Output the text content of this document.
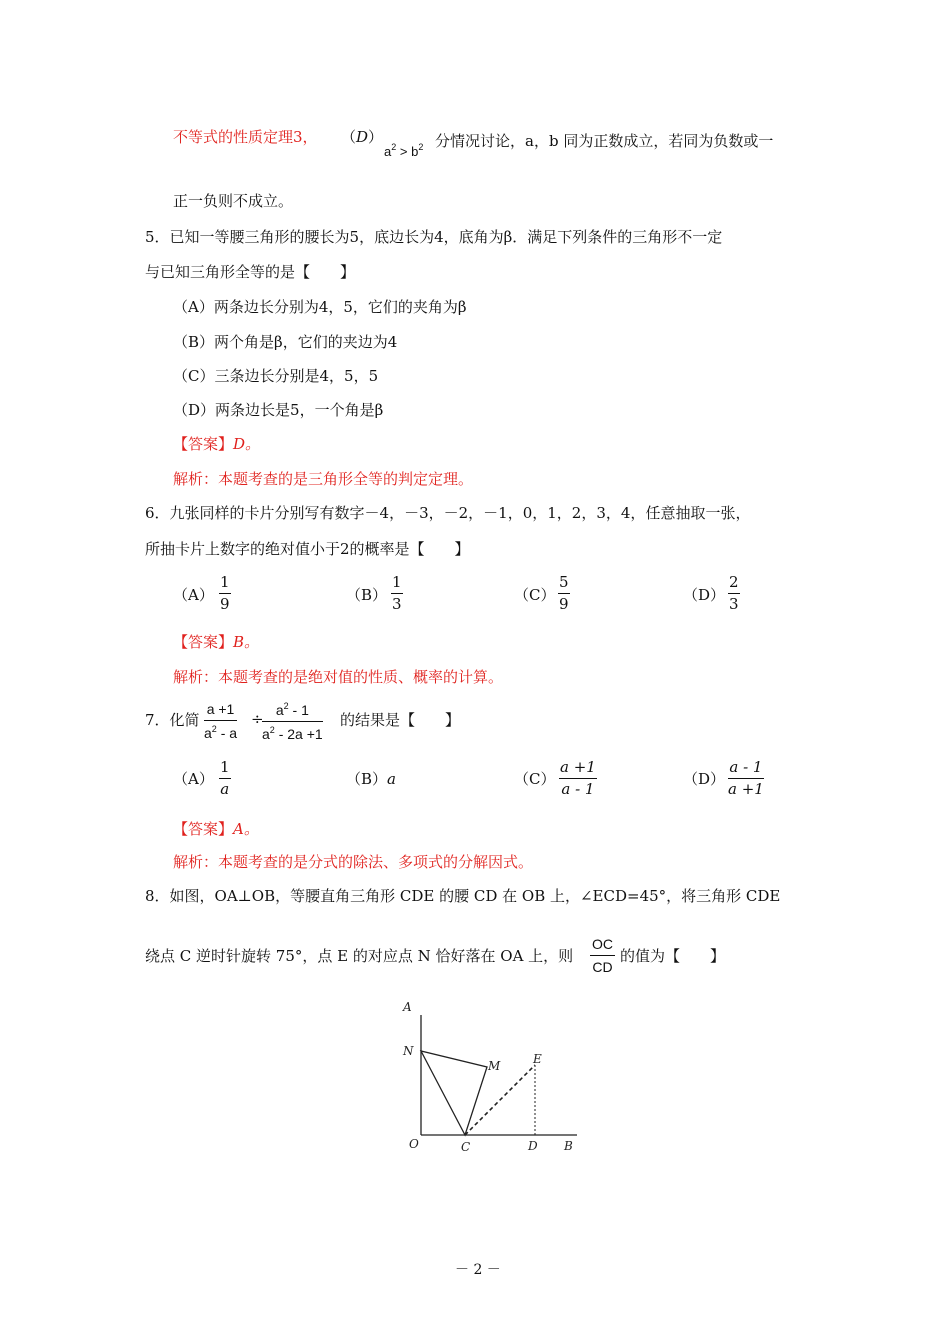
不等式的性质定理3， （D）
$a^2 > b^2$ 分情况讨论，a，b 同为正数成立，若同为负数或一
正一负则不成立。
5．已知一等腰三角形的腰长为5，底边长为4，底角为β．满足下列条件的三角形不一定
与已知三角形全等的是【　　】
（A）两条边长分别为4，5，它们的夹角为β
（B）两个角是β，它们的夹边为4
（C）三条边长分别是4，5，5
（D）两条边长是5，一个角是β
【答案】D。
解析：本题考查的是三角形全等的判定定理。
6．九张同样的卡片分别写有数字－4，－3，－2，－1，0，1，2，3，4，任意抽取一张，
所抽卡片上数字的绝对值小于2的概率是【　　】
$(A) \frac{1}{9}$	$(B) \frac{1}{3}$	$(C) \frac{5}{9}$	$(D) \frac{2}{3}$
【答案】B。
解析：本题考查的是绝对值的性质、概率的计算。
7．化简 $\frac{a +1}{a^2 - a}$ ÷
$\frac{a^2 - 1}{a^2 - 2a +1}$ 的结果是【　　】
$(A) \frac{1}{a}$	（B）a	$(C) \frac{a +1}{a - 1}$	$(D) \frac{a - 1}{a +1}$
【答案】A。
解析：本题考查的是分式的除法、多项式的分解因式。
8．如图，OA⊥OB，等腰直角三角形 CDE 的腰 CD 在 OB 上，∠ECD=45°，将三角形 CDE
绕点 C 逆时针旋转 75°，点 E 的对应点 N 恰好落在 OA 上，则 $\frac{OC}{CD}$ 的值为【　　】
A
N
M	E
O	C	D B
－ 2 －
